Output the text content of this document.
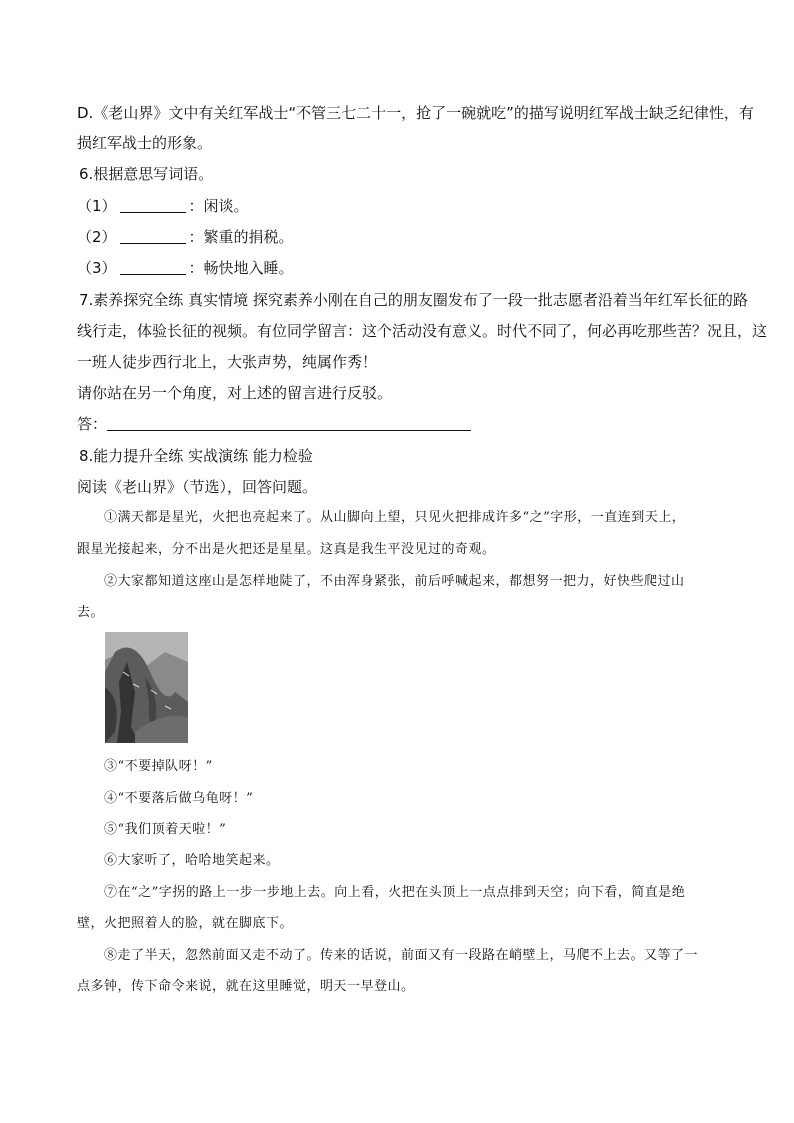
D.《老山界》文中有关红军战士“不管三七二十一，抢了一碗就吃”的描写说明红军战士缺乏纪律性，有
损红军战士的形象。
6.根据意思写词语。
（1）	：闲谈。
（2）	：繁重的捐税。
（3）	：畅快地入睡。
7.素养探究全练 真实情境 探究素养小刚在自己的朋友圈发布了一段一批志愿者沿着当年红军长征的路
线行走，体验长征的视频。有位同学留言：这个活动没有意义。时代不同了，何必再吃那些苦？况且，这
一班人徒步西行北上，大张声势，纯属作秀！
请你站在另一个角度，对上述的留言进行反驳。
答：
8.能力提升全练 实战演练 能力检验
阅读《老山界》（节选），回答问题。
①满天都是星光，火把也亮起来了。从山脚向上望，只见火把排成许多“之”字形，一直连到天上，
跟星光接起来，分不出是火把还是星星。这真是我生平没见过的奇观。
②大家都知道这座山是怎样地陡了，不由浑身紧张，前后呼喊起来，都想努一把力，好快些爬过山
去。
③“不要掉队呀！”
④“不要落后做乌龟呀！”
⑤“我们顶着天啦！”
⑥大家听了，哈哈地笑起来。
⑦在“之”字拐的路上一步一步地上去。向上看，火把在头顶上一点点排到天空；向下看，简直是绝
壁，火把照着人的脸，就在脚底下。
⑧走了半天，忽然前面又走不动了。传来的话说，前面又有一段路在峭壁上，马爬不上去。又等了一
点多钟，传下命令来说，就在这里睡觉，明天一早登山。
